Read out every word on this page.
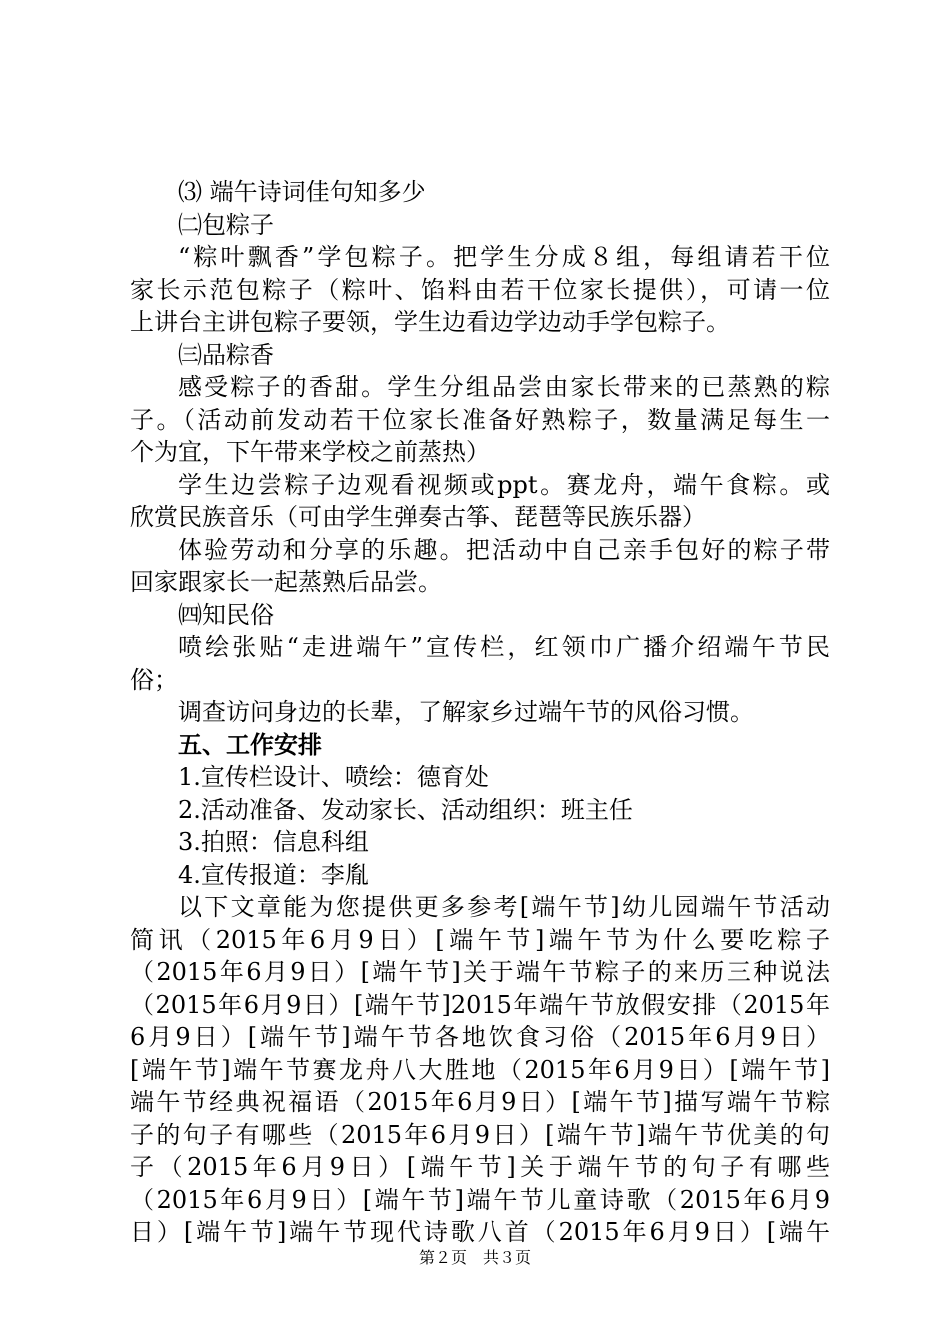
⑶ 端午诗词佳句知多少
㈡包粽子
“粽叶飘香”学包粽子。把学生分成８组，每组请若干位
家长示范包粽子（粽叶、馅料由若干位家长提供），可请一位
上讲台主讲包粽子要领，学生边看边学边动手学包粽子。
㈢品粽香
感受粽子的香甜。学生分组品尝由家长带来的已蒸熟的粽
子。（活动前发动若干位家长准备好熟粽子，数量满足每生一
个为宜，下午带来学校之前蒸热）
学生边尝粽子边观看视频或ppt。赛龙舟，端午食粽。或
欣赏民族音乐（可由学生弹奏古筝、琵琶等民族乐器）
体验劳动和分享的乐趣。把活动中自己亲手包好的粽子带
回家跟家长一起蒸熟后品尝。
㈣知民俗
喷绘张贴“走进端午”宣传栏，红领巾广播介绍端午节民
俗；
调查访问身边的长辈，了解家乡过端午节的风俗习惯。
五、工作安排
1.宣传栏设计、喷绘：德育处
2.活动准备、发动家长、活动组织：班主任
3.拍照：信息科组
4.宣传报道：李胤
以下文章能为您提供更多参考[端午节]幼儿园端午节活动
简讯（2015年6月9日）[端午节]端午节为什么要吃粽子
（2015年6月9日）[端午节]关于端午节粽子的来历三种说法
（2015年6月9日）[端午节]2015年端午节放假安排（2015年
6月9日）[端午节]端午节各地饮食习俗（2015年6月9日）
[端午节]端午节赛龙舟八大胜地（2015年6月9日）[端午节]
端午节经典祝福语（2015年6月9日）[端午节]描写端午节粽
子的句子有哪些（2015年6月9日）[端午节]端午节优美的句
子（2015年6月9日）[端午节]关于端午节的句子有哪些
（2015年6月9日）[端午节]端午节儿童诗歌（2015年6月9
日）[端午节]端午节现代诗歌八首（2015年6月9日）[端午
第２页　共３页
